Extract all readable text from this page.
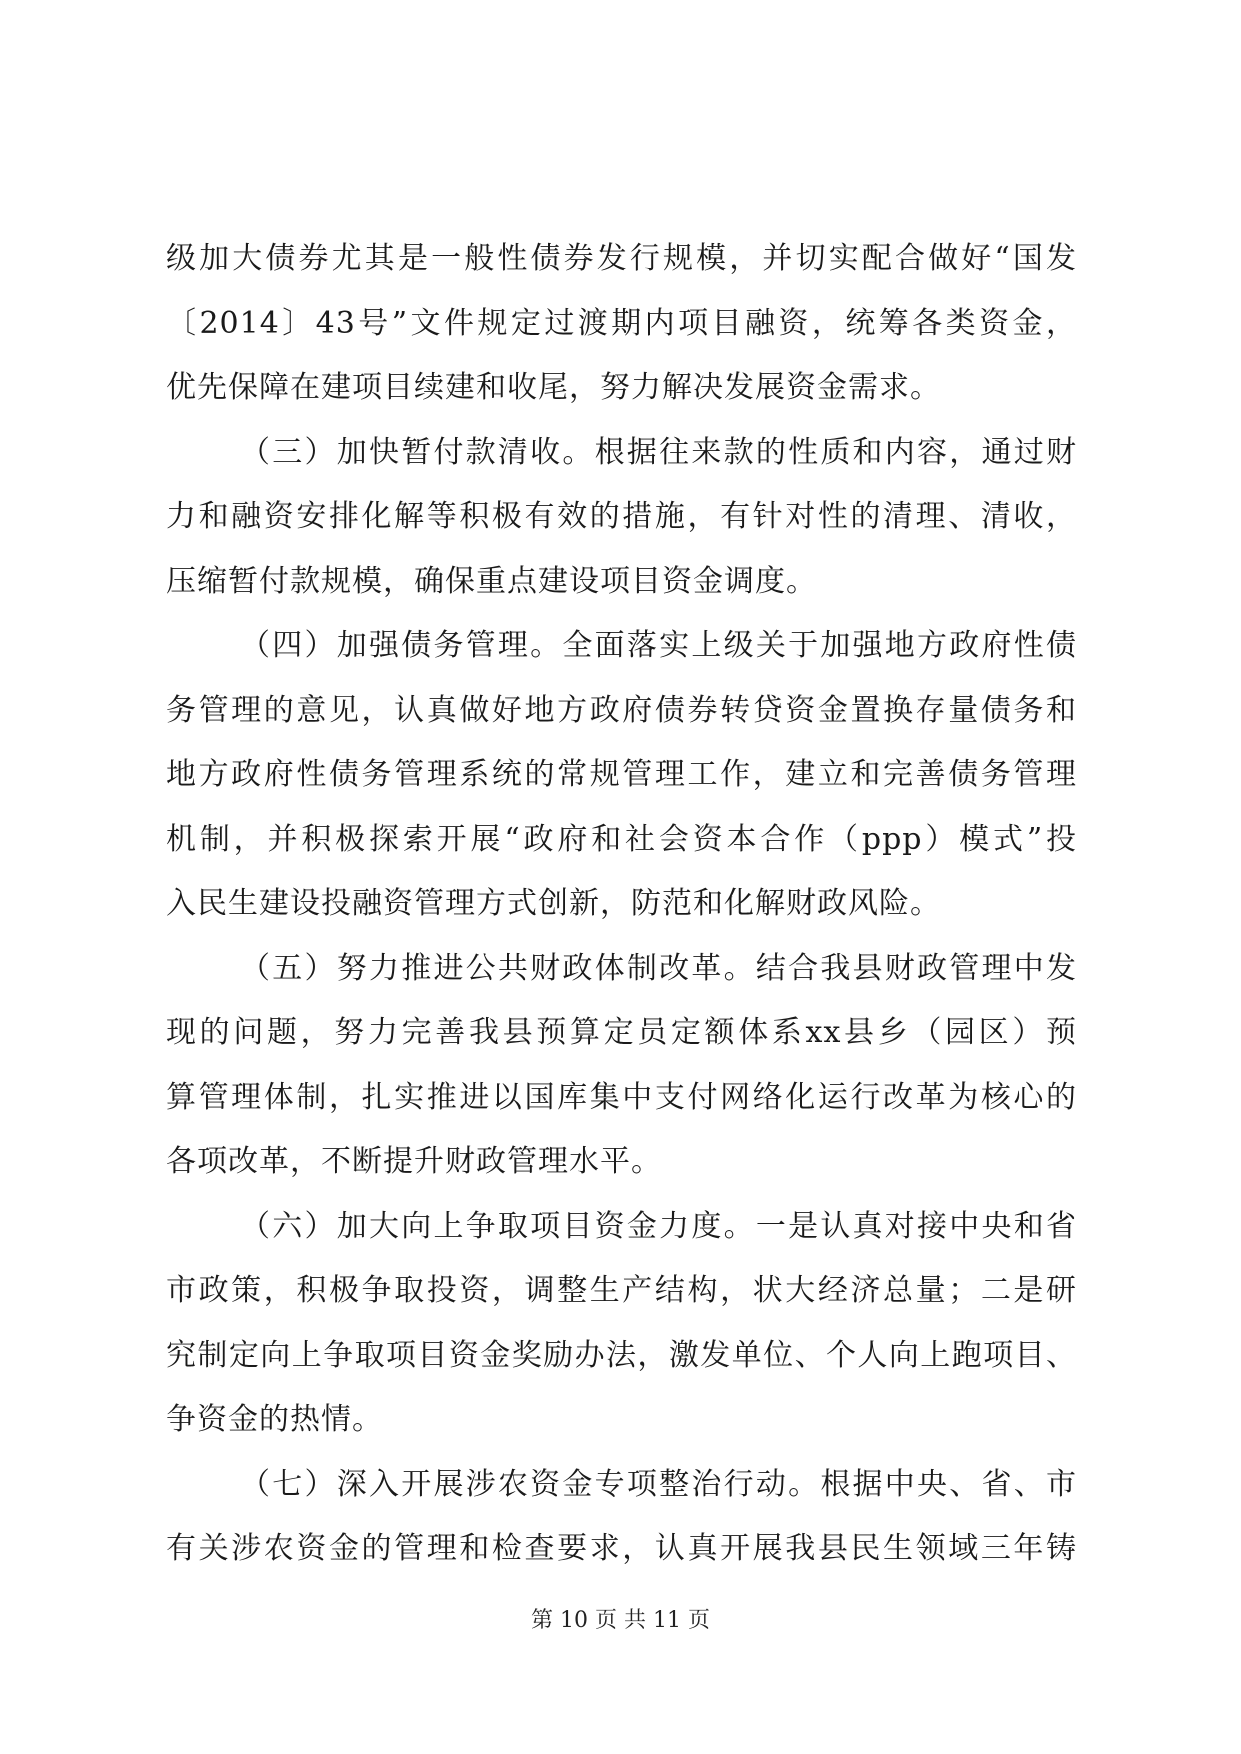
级加大债券尤其是一般性债券发行规模，并切实配合做好“国发
〔2014〕43号”文件规定过渡期内项目融资，统筹各类资金，
优先保障在建项目续建和收尾，努力解决发展资金需求。
（三）加快暂付款清收。根据往来款的性质和内容，通过财
力和融资安排化解等积极有效的措施，有针对性的清理、清收，
压缩暂付款规模，确保重点建设项目资金调度。
（四）加强债务管理。全面落实上级关于加强地方政府性债
务管理的意见，认真做好地方政府债券转贷资金置换存量债务和
地方政府性债务管理系统的常规管理工作，建立和完善债务管理
机制，并积极探索开展“政府和社会资本合作（ppp）模式”投
入民生建设投融资管理方式创新，防范和化解财政风险。
（五）努力推进公共财政体制改革。结合我县财政管理中发
现的问题，努力完善我县预算定员定额体系xx县乡（园区）预
算管理体制，扎实推进以国库集中支付网络化运行改革为核心的
各项改革，不断提升财政管理水平。
（六）加大向上争取项目资金力度。一是认真对接中央和省
市政策，积极争取投资，调整生产结构，状大经济总量；二是研
究制定向上争取项目资金奖励办法，激发单位、个人向上跑项目、
争资金的热情。
（七）深入开展涉农资金专项整治行动。根据中央、省、市
有关涉农资金的管理和检查要求，认真开展我县民生领域三年铸
第 10 页 共 11 页
